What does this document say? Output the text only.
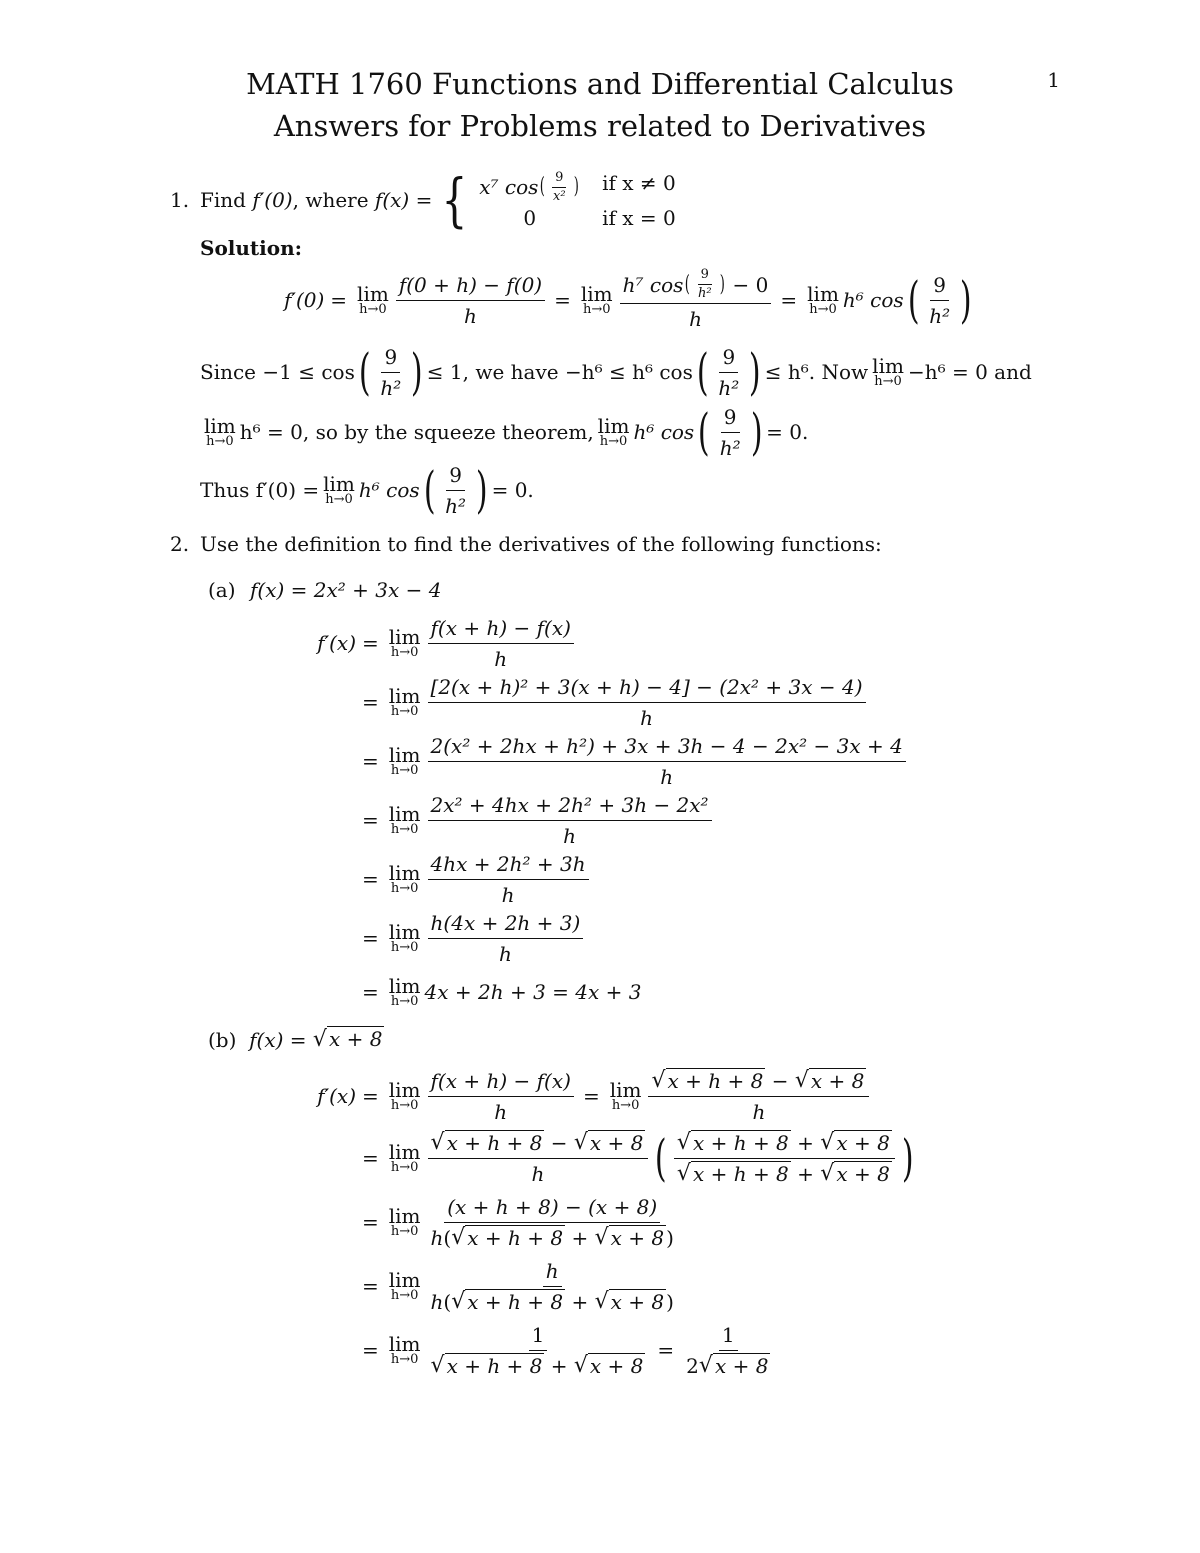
MATH 1760 Functions and Differential Calculus
Answers for Problems related to Derivatives
1
1. Find
f′(0) , where
f(x) = { x⁷ cos ( $\frac{9}{\text{x²}}$ ) if x ≠ 0
0	if x = 0
Solution:
f′(0) = lim
$h\to 0 \frac{f(0 + h) - f(0)}{h} = \lim$
h→0 h⁷ cos ( $\frac{9}{\text{h²}}$ )
− 0
h = lim
h→0 h⁶ cos ( $\frac{9}{\text{h²}}$ )
Since −1 ≤ cos ( $\frac{9}{\text{h²}}$ ) ≤ 1, we have −h⁶ ≤ h⁶ cos ( $\frac{9}{\text{h²}}$ ) ≤ h⁶. Now lim
h→0 −h⁶ = 0 and
lim
h→0 h⁶ = 0, so by the squeeze theorem, lim
h→0 h⁶ cos ( $\frac{9}{\text{h²}}$ ) = 0.
Thus f′(0) = lim
h→0 h⁶ cos ( $\frac{9}{\text{h²}}$ ) = 0.
2. Use the definition to find the derivatives of the following functions:
(a) f(x) = 2x² + 3x − 4
f′(x) = lim
$h\to 0 \frac{f(x + h) - f(x)}{h}$
= lim
$h\to 0 \frac{\text{[2(x + h)² + 3(x + h) − 4] − (2x² + 3x − 4)}}{h}$
= lim
$h\to 0 \frac{\text{2(x² + 2hx + h²) + 3x + 3h − 4 − 2x² − 3x + 4}}{h}$
= lim
$h\to 0 \frac{\text{2x² + 4hx + 2h² + 3h − 2x²}}{h}$
= lim
$h\to 0 \frac{\text{4hx + 2h² + 3h}}{h}$
= lim
$h\to 0 \frac{h(4x + 2h + 3)}{h}$
= lim
h→0 4x + 2h + 3 = 4x + 3
(b)
f(x) =
√ x + 8
f′(x) = lim
$h\to 0 \frac{f(x + h) - f(x)}{h} = \lim$
h→0 √ x + h + 8
−
√ x + 8
h
= lim
h→0 √ x + h + 8
−
√ x + 8
h ( √ x + h + 8
+
√ x + 8
√ x + h + 8
+
√ x + 8 )
= lim
h→0 (x + h + 8) − (x + 8)
h ( √ x + h + 8
+
√ x + 8 )
= lim
h→0 h
h ( √ x + h + 8
+
√ x + 8 )
= lim
h→0 1
√ x + h + 8
+
√ $x + 8 = \frac{1}{2 √ x + 8}$
